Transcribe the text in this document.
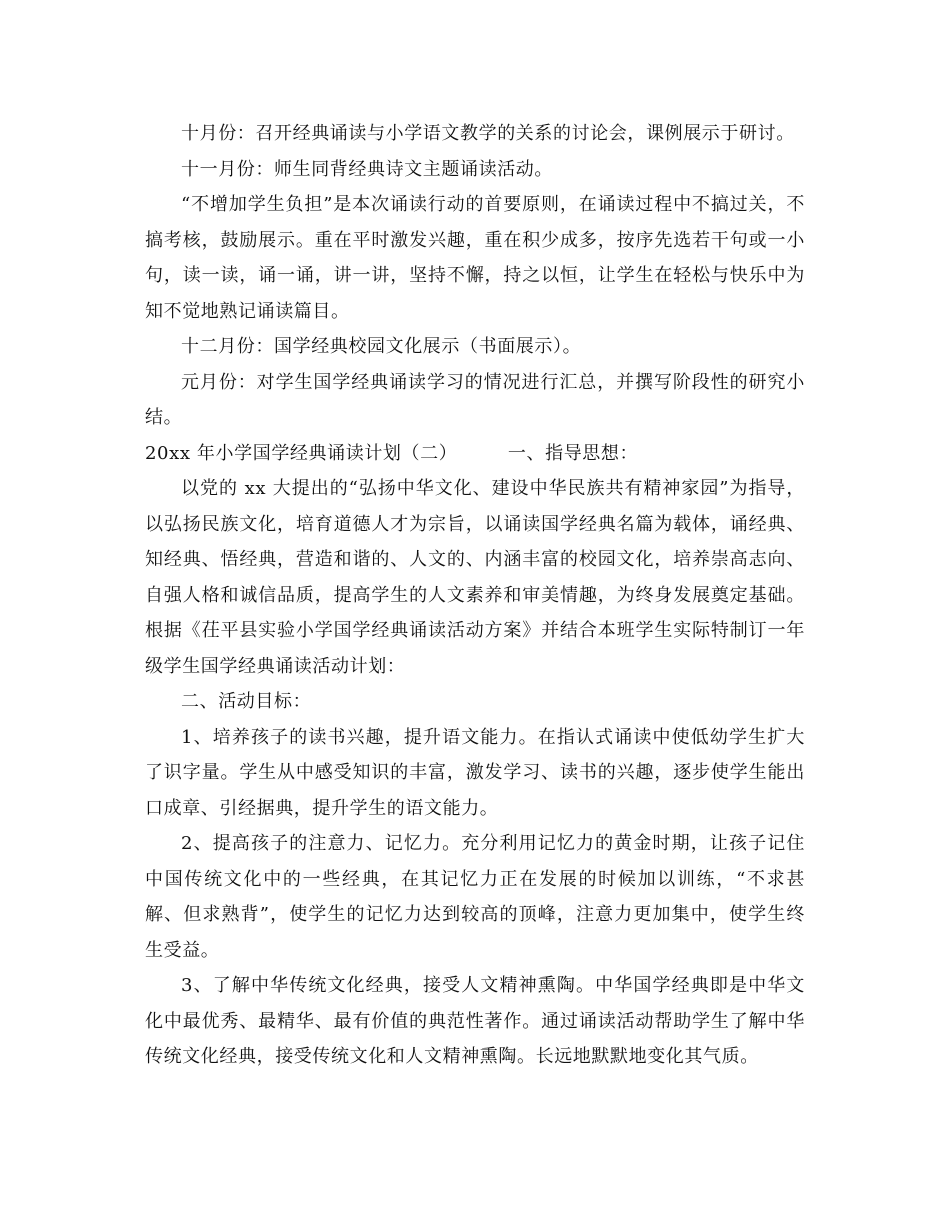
十月份：召开经典诵读与小学语文教学的关系的讨论会，课例展示于研讨。

十一月份：师生同背经典诗文主题诵读活动。

“不增加学生负担”是本次诵读行动的首要原则，在诵读过程中不搞过关，不搞考核，鼓励展示。重在平时激发兴趣，重在积少成多，按序先选若干句或一小句，读一读，诵一诵，讲一讲，坚持不懈，持之以恒，让学生在轻松与快乐中为知不觉地熟记诵读篇目。

十二月份：国学经典校园文化展示（书面展示）。

元月份：对学生国学经典诵读学习的情况进行汇总，并撰写阶段性的研究小结。

20xx 年小学国学经典诵读计划（二）        一、指导思想：

以党的 xx 大提出的“弘扬中华文化、建设中华民族共有精神家园”为指导，以弘扬民族文化，培育道德人才为宗旨，以诵读国学经典名篇为载体，诵经典、知经典、悟经典，营造和谐的、人文的、内涵丰富的校园文化，培养崇高志向、自强人格和诚信品质，提高学生的人文素养和审美情趣，为终身发展奠定基础。根据《茌平县实验小学国学经典诵读活动方案》并结合本班学生实际特制订一年级学生国学经典诵读活动计划：

二、活动目标：

1、培养孩子的读书兴趣，提升语文能力。在指认式诵读中使低幼学生扩大了识字量。学生从中感受知识的丰富，激发学习、读书的兴趣，逐步使学生能出口成章、引经据典，提升学生的语文能力。

2、提高孩子的注意力、记忆力。充分利用记忆力的黄金时期，让孩子记住中国传统文化中的一些经典，在其记忆力正在发展的时候加以训练，“不求甚解、但求熟背”，使学生的记忆力达到较高的顶峰，注意力更加集中，使学生终生受益。

3、了解中华传统文化经典，接受人文精神熏陶。中华国学经典即是中华文化中最优秀、最精华、最有价值的典范性著作。通过诵读活动帮助学生了解中华传统文化经典，接受传统文化和人文精神熏陶。长远地默默地变化其气质。
